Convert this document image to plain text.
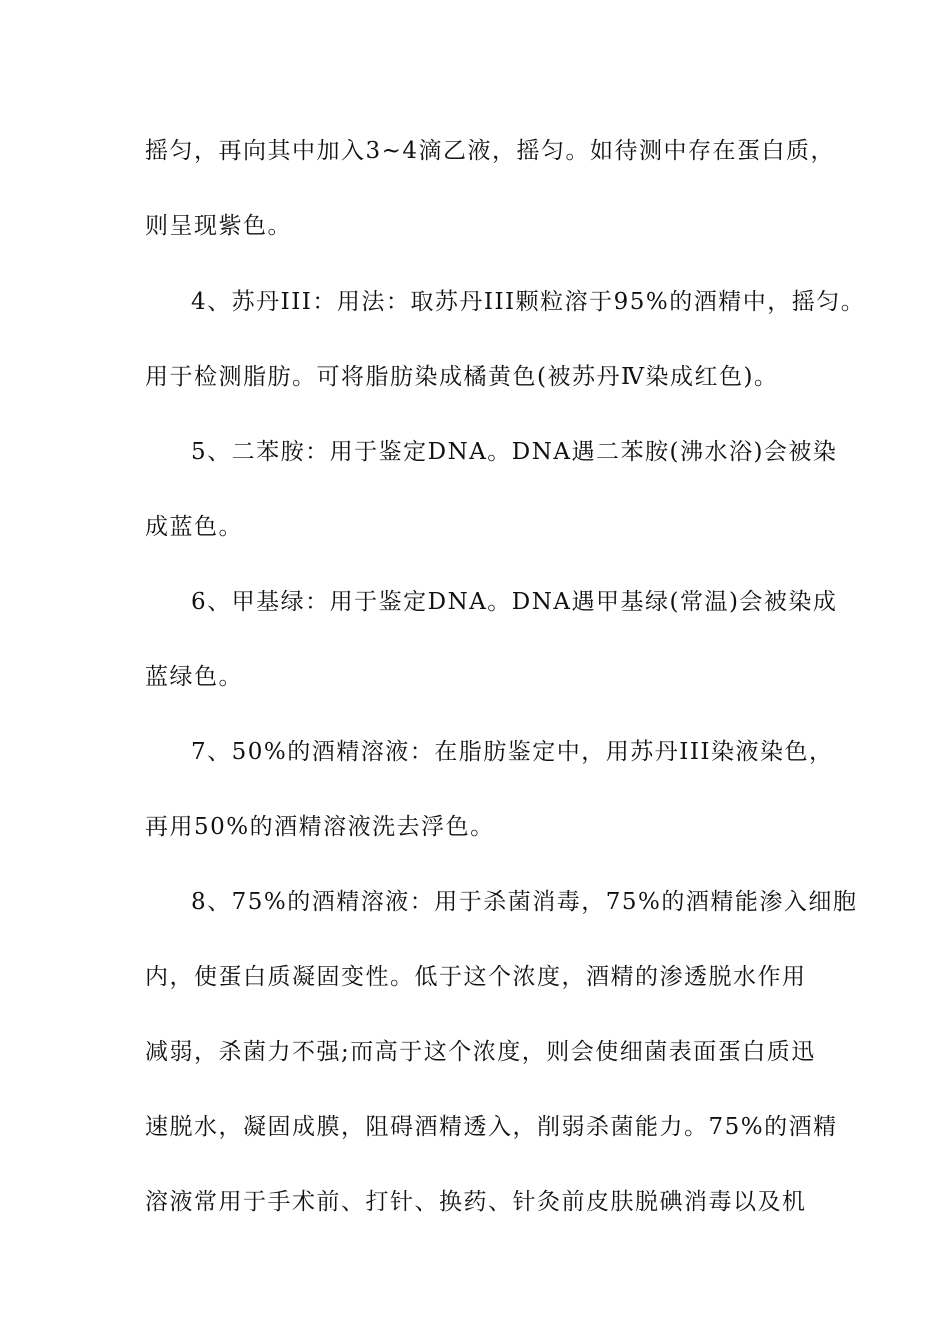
摇匀，再向其中加入3~4滴乙液，摇匀。如待测中存在蛋白质，
则呈现紫色。
4、苏丹III：用法：取苏丹III颗粒溶于95%的酒精中，摇匀。
用于检测脂肪。可将脂肪染成橘黄色(被苏丹Ⅳ染成红色)。
5、二苯胺：用于鉴定DNA。DNA遇二苯胺(沸水浴)会被染
成蓝色。
6、甲基绿：用于鉴定DNA。DNA遇甲基绿(常温)会被染成
蓝绿色。
7、50%的酒精溶液：在脂肪鉴定中，用苏丹III染液染色，
再用50%的酒精溶液洗去浮色。
8、75%的酒精溶液：用于杀菌消毒，75%的酒精能渗入细胞
内，使蛋白质凝固变性。低于这个浓度，酒精的渗透脱水作用
减弱，杀菌力不强;而高于这个浓度，则会使细菌表面蛋白质迅
速脱水，凝固成膜，阻碍酒精透入，削弱杀菌能力。75%的酒精
溶液常用于手术前、打针、换药、针灸前皮肤脱碘消毒以及机
